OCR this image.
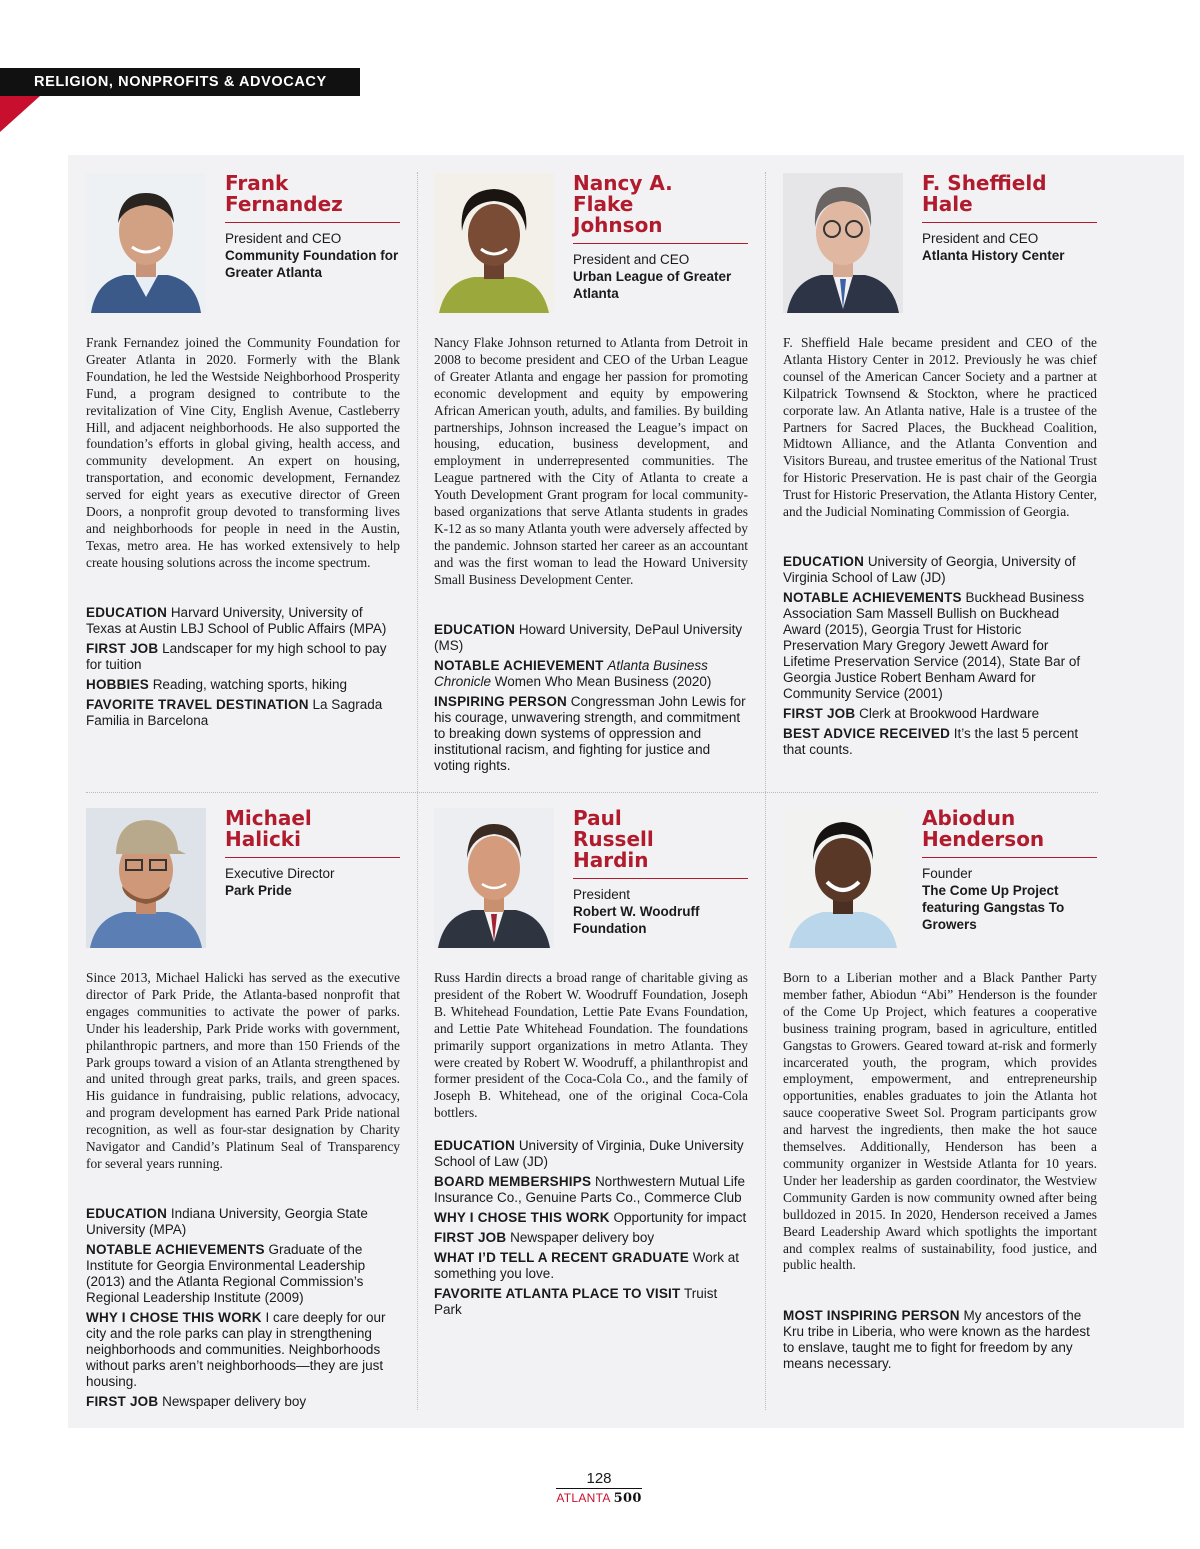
RELIGION, NONPROFITS & ADVOCACY
Frank
Fernandez
President and CEO
Community Foundation for Greater Atlanta

Frank Fernandez joined the Community Foundation for Greater Atlanta in 2020. Formerly with the Blank Foundation, he led the Westside Neighborhood Prosperity Fund, a program designed to contribute to the revitalization of Vine City, English Avenue, Castleberry Hill, and adjacent neighborhoods. He also supported the foundation’s efforts in global giving, health access, and community development. An expert on housing, transportation, and economic development, Fernandez served for eight years as executive director of Green Doors, a nonprofit group devoted to transforming lives and neighborhoods for people in need in the Austin, Texas, metro area. He has worked extensively to help create housing solutions across the income spectrum.

EDUCATION Harvard University, University of Texas at Austin LBJ School of Public Affairs (MPA)

FIRST JOB Landscaper for my high school to pay for tuition

HOBBIES Reading, watching sports, hiking

FAVORITE TRAVEL DESTINATION La Sagrada Familia in Barcelona

Nancy A.
Flake
Johnson
President and CEO
Urban League of Greater Atlanta

Nancy Flake Johnson returned to Atlanta from Detroit in 2008 to become president and CEO of the Urban League of Greater Atlanta and engage her passion for promoting economic development and equity by empowering African American youth, adults, and families. By building partnerships, Johnson increased the League’s impact on housing, education, business development, and employment in underrepresented communities. The League partnered with the City of Atlanta to create a Youth Development Grant program for local community-based organizations that serve Atlanta students in grades K-12 as so many Atlanta youth were adversely affected by the pandemic. Johnson started her career as an accountant and was the first woman to lead the Howard University Small Business Development Center.

EDUCATION Howard University, DePaul University (MS)

NOTABLE ACHIEVEMENT Atlanta Business Chronicle Women Who Mean Business (2020)

INSPIRING PERSON Congressman John Lewis for his courage, unwavering strength, and commitment to breaking down systems of oppression and institutional racism, and fighting for justice and voting rights.

F. Sheffield
Hale
President and CEO
Atlanta History Center

F. Sheffield Hale became president and CEO of the Atlanta History Center in 2012. Previously he was chief counsel of the American Cancer Society and a partner at Kilpatrick Townsend & Stockton, where he practiced corporate law. An Atlanta native, Hale is a trustee of the Partners for Sacred Places, the Buckhead Coalition, Midtown Alliance, and the Atlanta Convention and Visitors Bureau, and trustee emeritus of the National Trust for Historic Preservation. He is past chair of the Georgia Trust for Historic Preservation, the Atlanta History Center, and the Judicial Nominating Commission of Georgia.

EDUCATION University of Georgia, University of Virginia School of Law (JD)

NOTABLE ACHIEVEMENTS Buckhead Business Association Sam Massell Bullish on Buckhead Award (2015), Georgia Trust for Historic Preservation Mary Gregory Jewett Award for Lifetime Preservation Service (2014), State Bar of Georgia Justice Robert Benham Award for Community Service (2001)

FIRST JOB Clerk at Brookwood Hardware

BEST ADVICE RECEIVED It’s the last 5 percent that counts.

Michael
Halicki
Executive Director
Park Pride

Since 2013, Michael Halicki has served as the executive director of Park Pride, the Atlanta-based nonprofit that engages communities to activate the power of parks. Under his leadership, Park Pride works with government, philanthropic partners, and more than 150 Friends of the Park groups toward a vision of an Atlanta strengthened by and united through great parks, trails, and green spaces. His guidance in fundraising, public relations, advocacy, and program development has earned Park Pride national recognition, as well as four-star designation by Charity Navigator and Candid’s Platinum Seal of Transparency for several years running.

EDUCATION Indiana University, Georgia State University (MPA)

NOTABLE ACHIEVEMENTS Graduate of the Institute for Georgia Environmental Leadership (2013) and the Atlanta Regional Commission’s Regional Leadership Institute (2009)

WHY I CHOSE THIS WORK I care deeply for our city and the role parks can play in strengthening neighborhoods and communities. Neighborhoods without parks aren’t neighborhoods—they are just housing.

FIRST JOB Newspaper delivery boy

Paul
Russell
Hardin
President
Robert W. Woodruff Foundation

Russ Hardin directs a broad range of charitable giving as president of the Robert W. Woodruff Foundation, Joseph B. Whitehead Foundation, Lettie Pate Evans Foundation, and Lettie Pate Whitehead Foundation. The foundations primarily support organizations in metro Atlanta. They were created by Robert W. Woodruff, a philanthropist and former president of the Coca-Cola Co., and the family of Joseph B. Whitehead, one of the original Coca-Cola bottlers.

EDUCATION University of Virginia, Duke University School of Law (JD)

BOARD MEMBERSHIPS Northwestern Mutual Life Insurance Co., Genuine Parts Co., Commerce Club

WHY I CHOSE THIS WORK Opportunity for impact

FIRST JOB Newspaper delivery boy

WHAT I’D TELL A RECENT GRADUATE Work at something you love.

FAVORITE ATLANTA PLACE TO VISIT Truist Park

Abiodun
Henderson
Founder
The Come Up Project featuring Gangstas To Growers

Born to a Liberian mother and a Black Panther Party member father, Abiodun “Abi” Henderson is the founder of the Come Up Project, which features a cooperative business training program, based in agriculture, entitled Gangstas to Growers. Geared toward at-risk and formerly incarcerated youth, the program, which provides employment, empowerment, and entrepreneurship opportunities, enables graduates to join the Atlanta hot sauce cooperative Sweet Sol. Program participants grow and harvest the ingredients, then make the hot sauce themselves. Additionally, Henderson has been a community organizer in Westside Atlanta for 10 years. Under her leadership as garden coordinator, the Westview Community Garden is now community owned after being bulldozed in 2015. In 2020, Henderson received a James Beard Leadership Award which spotlights the important and complex realms of sustainability, food justice, and public health.

MOST INSPIRING PERSON My ancestors of the Kru tribe in Liberia, who were known as the hardest to enslave, taught me to fight for freedom by any means necessary.

128
ATLANTA 500
